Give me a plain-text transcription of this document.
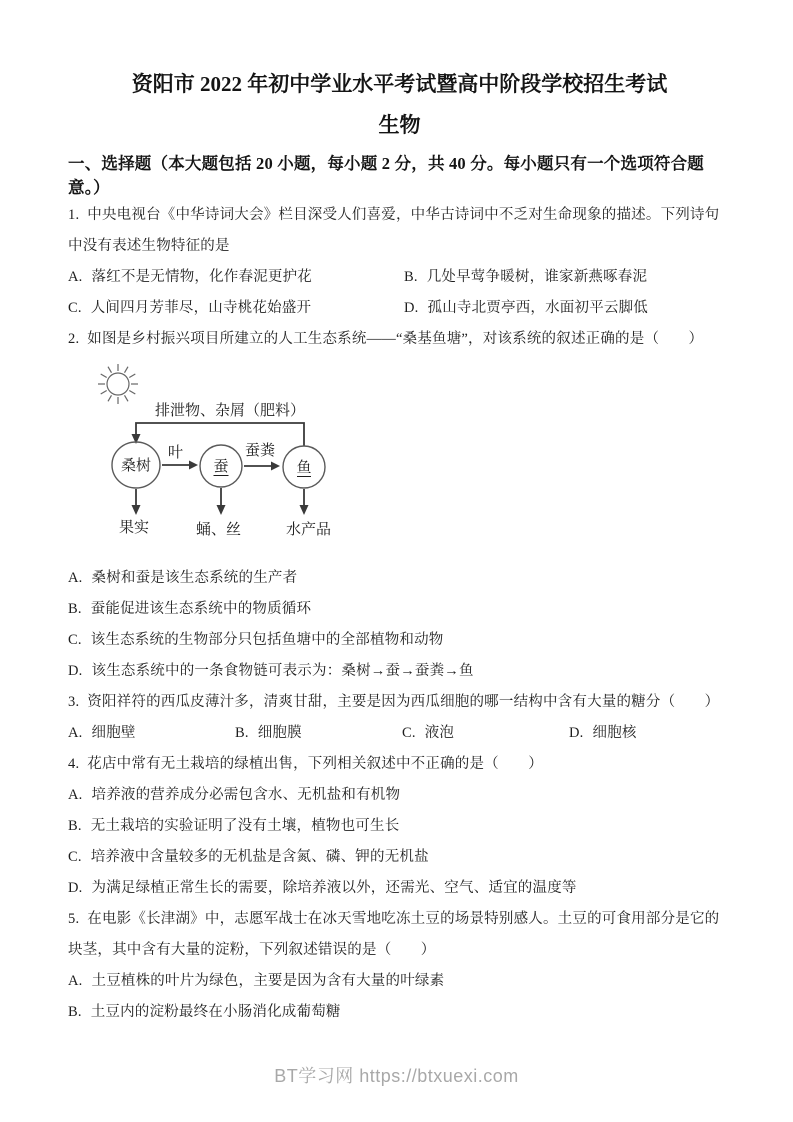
资阳市 2022 年初中学业水平考试暨高中阶段学校招生考试
生物
一、选择题（本大题包括 20 小题，每小题 2 分，共 40 分。每小题只有一个选项符合题意。）

1. 中央电视台《中华诗词大会》栏目深受人们喜爱，中华古诗词中不乏对生命现象的描述。下列诗句中没有表述生物特征的是

A. 落红不是无情物，化作春泥更护花	B. 几处早莺争暖树，谁家新燕啄春泥
C. 人间四月芳菲尽，山寺桃花始盛开	D. 孤山寺北贾亭西，水面初平云脚低

2. 如图是乡村振兴项目所建立的人工生态系统——“桑基鱼塘”，对该系统的叙述正确的是（　　）

排泄物、杂屑（肥料）
桑树	蚕	鱼
叶	蚕粪
果实	蛹、丝	水产品
A. 桑树和蚕是该生态系统的生产者
B. 蚕能促进该生态系统中的物质循环
C. 该生态系统的生物部分只包括鱼塘中的全部植物和动物
D. 该生态系统中的一条食物链可表示为：桑树→蚕→蚕粪→鱼

3. 资阳祥符的西瓜皮薄汁多，清爽甘甜，主要是因为西瓜细胞的哪一结构中含有大量的糖分（　　）

A. 细胞壁	B. 细胞膜	C. 液泡	D. 细胞核

4. 花店中常有无土栽培的绿植出售，下列相关叙述中不正确的是（　　）

A. 培养液的营养成分必需包含水、无机盐和有机物
B. 无土栽培的实验证明了没有土壤，植物也可生长
C. 培养液中含量较多的无机盐是含氮、磷、钾的无机盐
D. 为满足绿植正常生长的需要，除培养液以外，还需光、空气、适宜的温度等

5. 在电影《长津湖》中，志愿军战士在冰天雪地吃冻土豆的场景特别感人。土豆的可食用部分是它的块茎，其中含有大量的淀粉，下列叙述错误的是（　　）

A. 土豆植株的叶片为绿色，主要是因为含有大量的叶绿素
B. 土豆内的淀粉最终在小肠消化成葡萄糖
BT学习网 https://btxuexi.com
